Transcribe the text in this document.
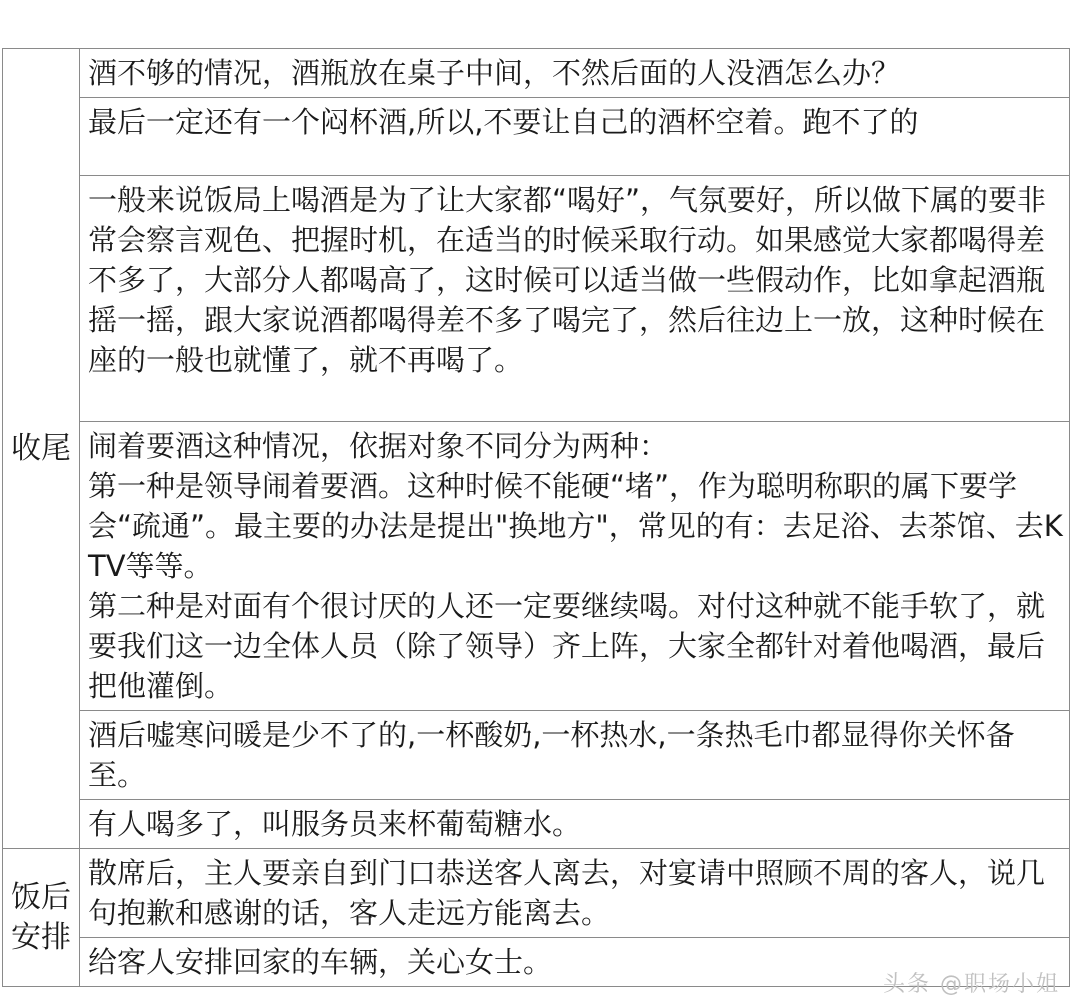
收尾	酒不够的情况，酒瓶放在桌子中间，不然后面的人没酒怎么办？
	最后一定还有一个闷杯酒,所以,不要让自己的酒杯空着。跑不了的
	一般来说饭局上喝酒是为了让大家都“喝好”，气氛要好，所以做下属的要非常会察言观色、把握时机，在适当的时候采取行动。如果感觉大家都喝得差不多了，大部分人都喝高了，这时候可以适当做一些假动作，比如拿起酒瓶摇一摇，跟大家说酒都喝得差不多了喝完了，然后往边上一放，这种时候在座的一般也就懂了，就不再喝了。
	闹着要酒这种情况，依据对象不同分为两种：
第一种是领导闹着要酒。这种时候不能硬“堵”，作为聪明称职的属下要学会“疏通”。最主要的办法是提出"换地方"，常见的有：去足浴、去茶馆、去KTV等等。
第二种是对面有个很讨厌的人还一定要继续喝。对付这种就不能手软了，就要我们这一边全体人员（除了领导）齐上阵，大家全都针对着他喝酒，最后把他灌倒。
	酒后嘘寒问暖是少不了的,一杯酸奶,一杯热水,一条热毛巾都显得你关怀备至。
	有人喝多了，叫服务员来杯葡萄糖水。
饭后
安排	散席后，主人要亲自到门口恭送客人离去，对宴请中照顾不周的客人，说几句抱歉和感谢的话，客人走远方能离去。
	给客人安排回家的车辆，关心女士。
头条 @职场小姐
